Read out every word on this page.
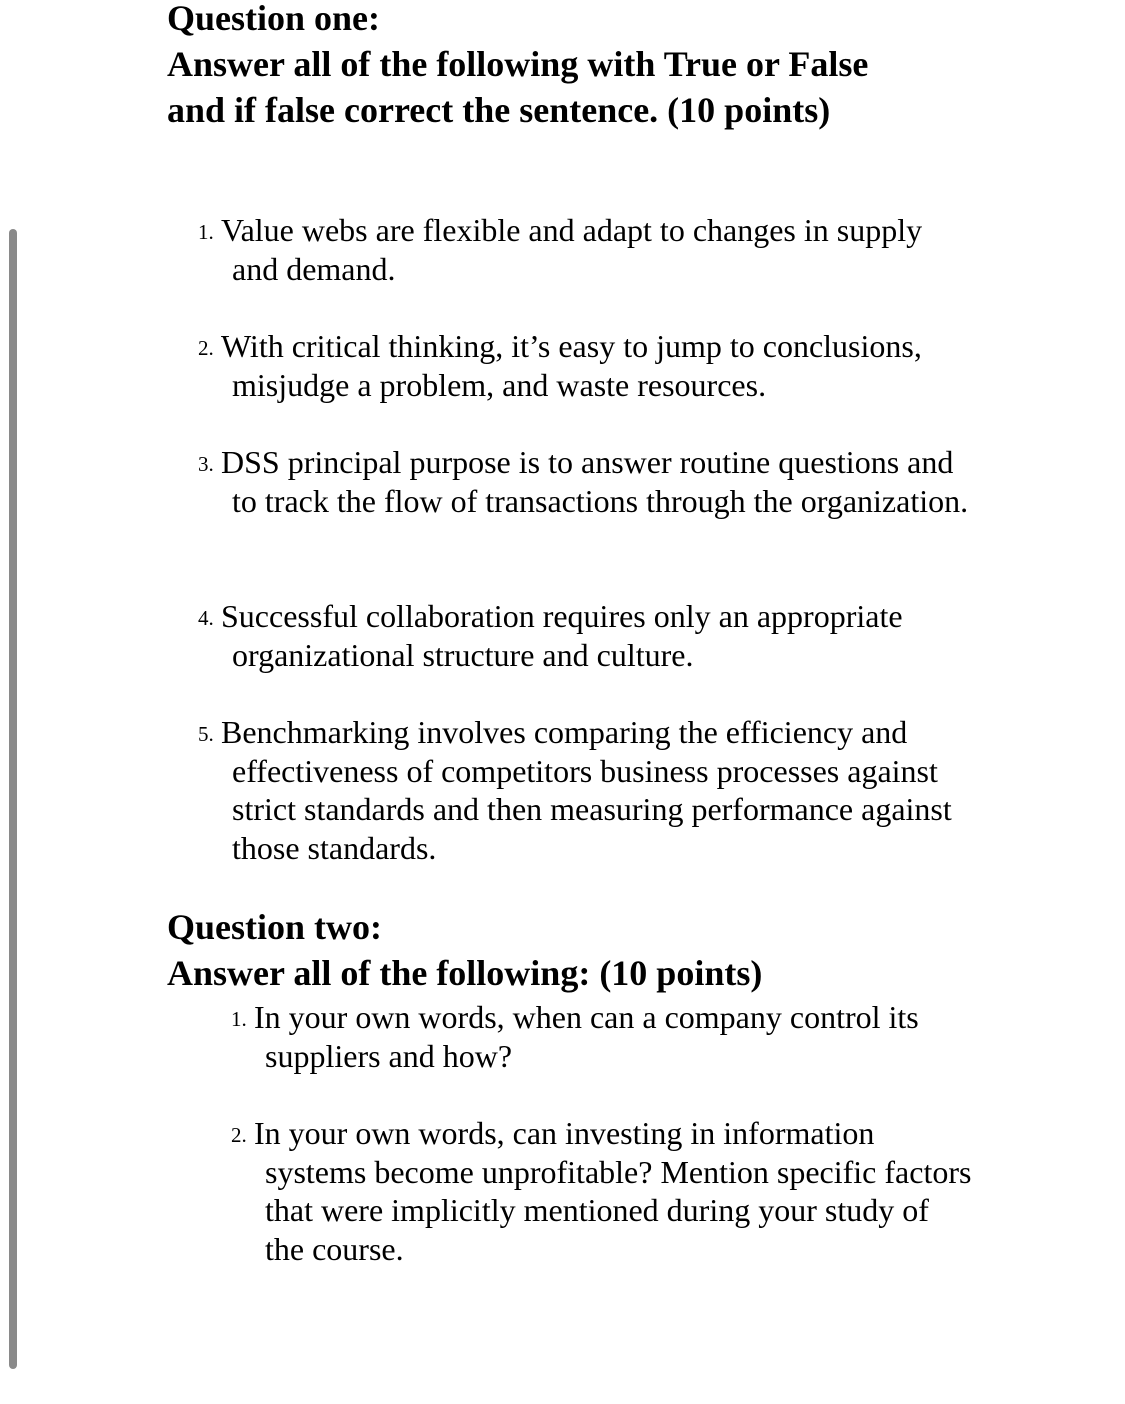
Question one:
Answer all of the following with True or False
and if false correct the sentence. (10 points)
1. Value webs are flexible and adapt to changes in supply and demand.
2. With critical thinking, it’s easy to jump to conclusions, misjudge a problem, and waste resources.
3. DSS principal purpose is to answer routine questions and to track the flow of transactions through the organization.
4. Successful collaboration requires only an appropriate organizational structure and culture.
5. Benchmarking involves comparing the efficiency and effectiveness of competitors business processes against strict standards and then measuring performance against those standards.
Question two:
Answer all of the following: (10 points)
1. In your own words, when can a company control its suppliers and how?
2. In your own words, can investing in information systems become unprofitable? Mention specific factors that were implicitly mentioned during your study of the course.
